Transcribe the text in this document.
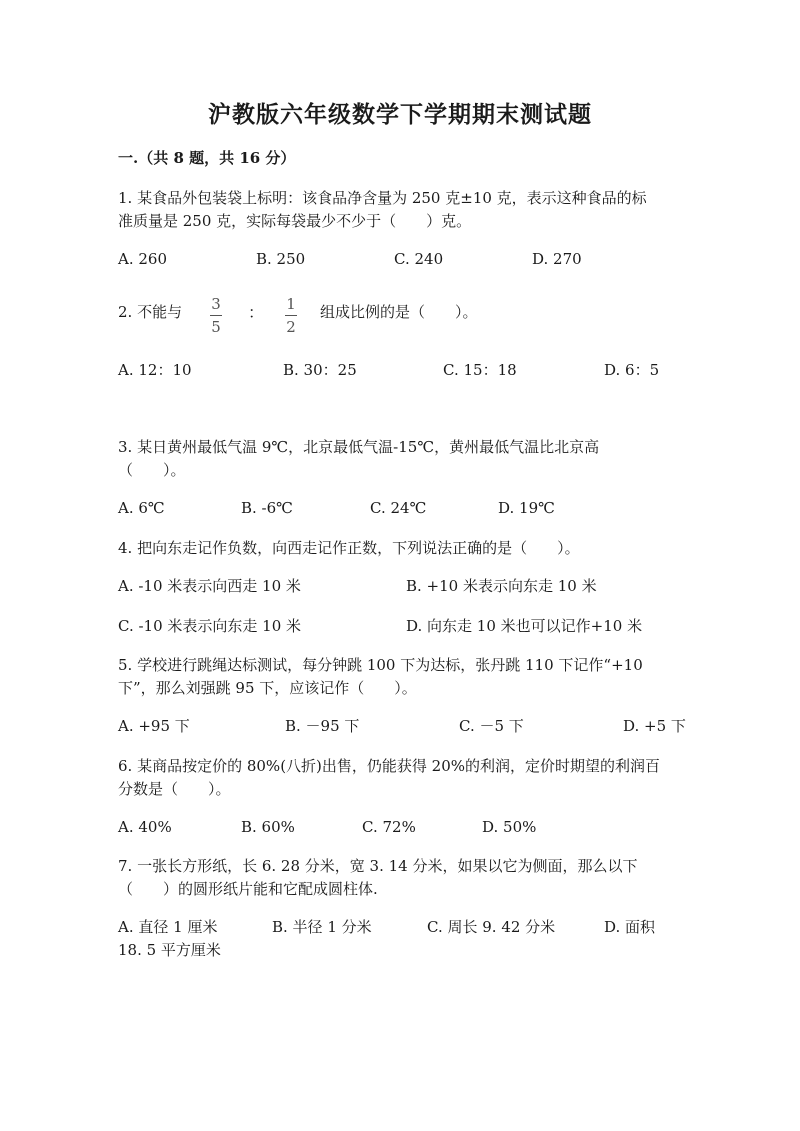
沪教版六年级数学下学期期末测试题
一.（共 8 题，共 16 分）
1. 某食品外包装袋上标明：该食品净含量为 250 克±10 克，表示这种食品的标
准质量是 250 克，实际每袋最少不少于（　　）克。
A. 260	B. 250	C. 240	D. 270
2. 不能与 3
5
： 1
2
组成比例的是（　　）。
A. 12：10	B. 30：25	C. 15：18	D. 6：5
3. 某日黄州最低气温 9℃，北京最低气温-15℃，黄州最低气温比北京高
（　　）。
A. 6℃	B. -6℃	C. 24℃	D. 19℃
4. 把向东走记作负数，向西走记作正数，下列说法正确的是（　　）。
A. -10 米表示向西走 10 米	B. +10 米表示向东走 10 米
C. -10 米表示向东走 10 米	D. 向东走 10 米也可以记作+10 米
5. 学校进行跳绳达标测试，每分钟跳 100 下为达标，张丹跳 110 下记作“+10
下”，那么刘强跳 95 下，应该记作（　　）。
A. +95 下	B. －95 下	C. －5 下	D. +5 下
6. 某商品按定价的 80%(八折)出售，仍能获得 20%的利润，定价时期望的利润百
分数是（　　）。
A. 40%	B. 60%	C. 72%	D. 50%
7. 一张长方形纸，长 6. 28 分米，宽 3. 14 分米，如果以它为侧面，那么以下
（　　）的圆形纸片能和它配成圆柱体.
A. 直径 1 厘米	B. 半径 1 分米	C. 周长 9. 42 分米	D. 面积
18. 5 平方厘米
